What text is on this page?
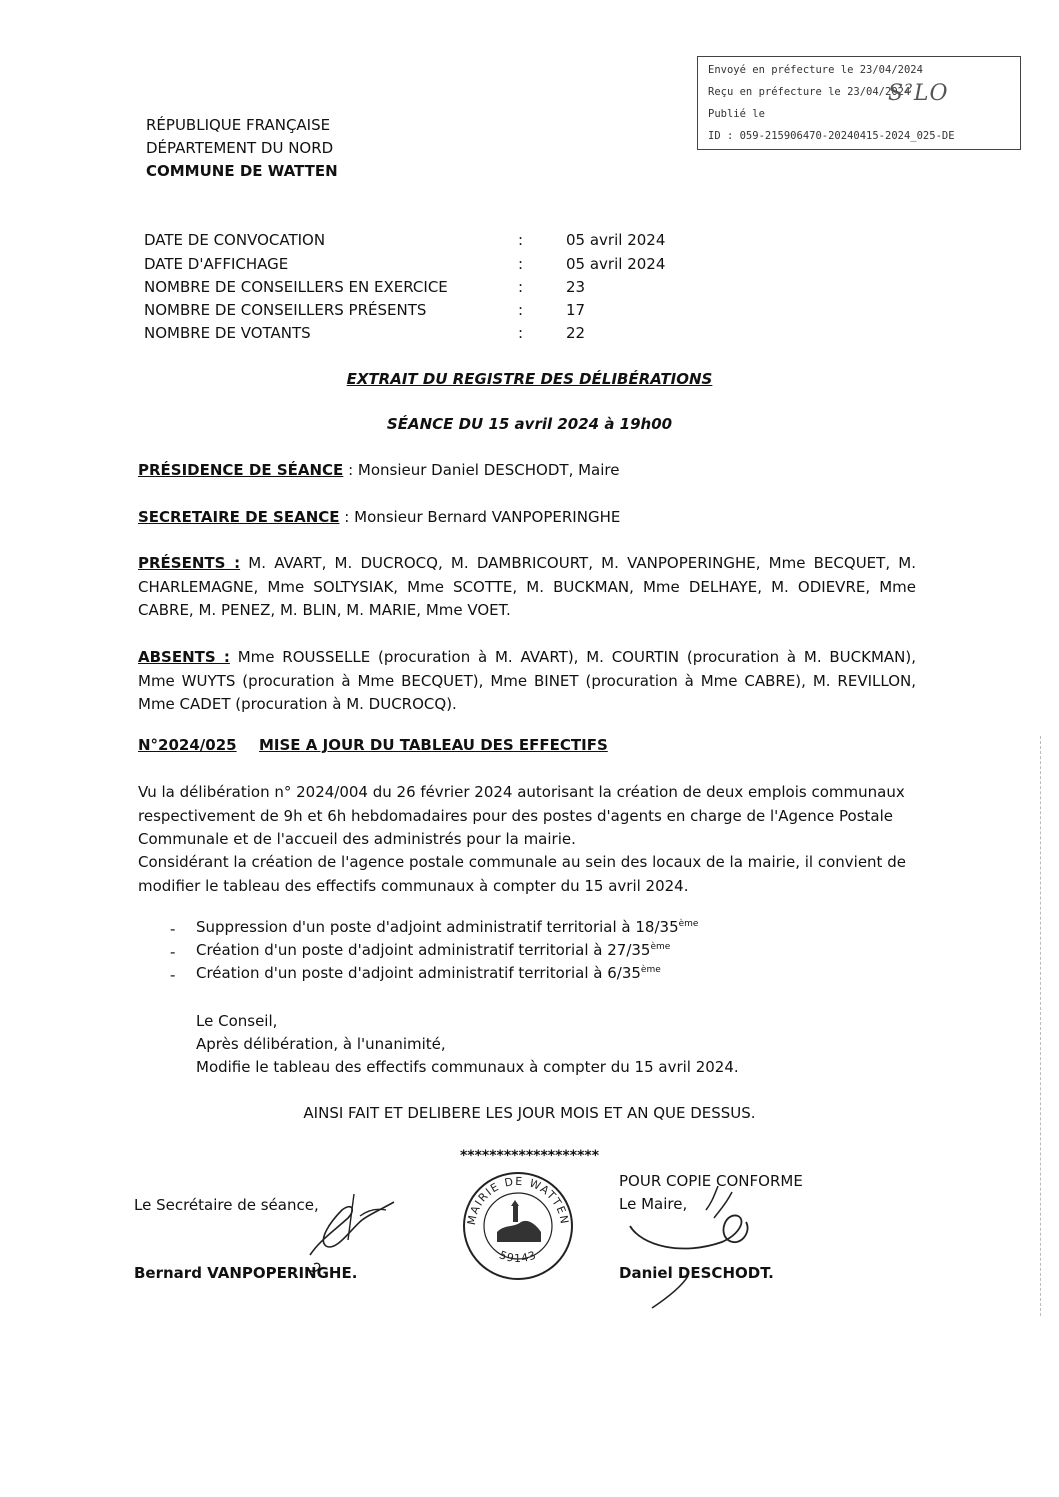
Envoyé en préfecture le 23/04/2024
Reçu en préfecture le 23/04/2024
Publié le
ID : 059-215906470-20240415-2024_025-DE
S²LO
RÉPUBLIQUE FRANÇAISE
DÉPARTEMENT DU NORD
COMMUNE DE WATTEN
DATE DE CONVOCATION	:	05 avril 2024
DATE D'AFFICHAGE	:	05 avril 2024
NOMBRE DE CONSEILLERS EN EXERCICE	:	23
NOMBRE DE CONSEILLERS PRÉSENTS	:	17
NOMBRE DE VOTANTS	:	22
EXTRAIT DU REGISTRE DES DÉLIBÉRATIONS
SÉANCE DU 15 avril 2024 à 19h00
PRÉSIDENCE DE SÉANCE : Monsieur Daniel DESCHODT, Maire
SECRETAIRE DE SEANCE : Monsieur Bernard VANPOPERINGHE
PRÉSENTS : M. AVART, M. DUCROCQ, M. DAMBRICOURT, M. VANPOPERINGHE, Mme BECQUET, M. CHARLEMAGNE, Mme SOLTYSIAK, Mme SCOTTE, M. BUCKMAN, Mme DELHAYE, M. ODIEVRE, Mme CABRE, M. PENEZ, M. BLIN, M. MARIE, Mme VOET.
ABSENTS : Mme ROUSSELLE (procuration à M. AVART), M. COURTIN (procuration à M. BUCKMAN), Mme WUYTS (procuration à Mme BECQUET), Mme BINET (procuration à Mme CABRE), M. REVILLON, Mme CADET (procuration à M. DUCROCQ).
N°2024/025 MISE A JOUR DU TABLEAU DES EFFECTIFS
Vu la délibération n° 2024/004 du 26 février 2024 autorisant la création de deux emplois communaux respectivement de 9h et 6h hebdomadaires pour des postes d'agents en charge de l'Agence Postale Communale et de l'accueil des administrés pour la mairie.
Considérant la création de l'agence postale communale au sein des locaux de la mairie, il convient de modifier le tableau des effectifs communaux à compter du 15 avril 2024.
- Suppression d'un poste d'adjoint administratif territorial à 18/35ème
- Création d'un poste d'adjoint administratif territorial à 27/35ème
- Création d'un poste d'adjoint administratif territorial à 6/35ème
Le Conseil,
Après délibération, à l'unanimité,
Modifie le tableau des effectifs communaux à compter du 15 avril 2024.
AINSI FAIT ET DELIBERE LES JOUR MOIS ET AN QUE DESSUS.
*******************
Le Secrétaire de séance,
Bernard VANPOPERINGHE.
MAIRIE DE WATTEN
59143
POUR COPIE CONFORME
Le Maire,
Daniel DESCHODT.
